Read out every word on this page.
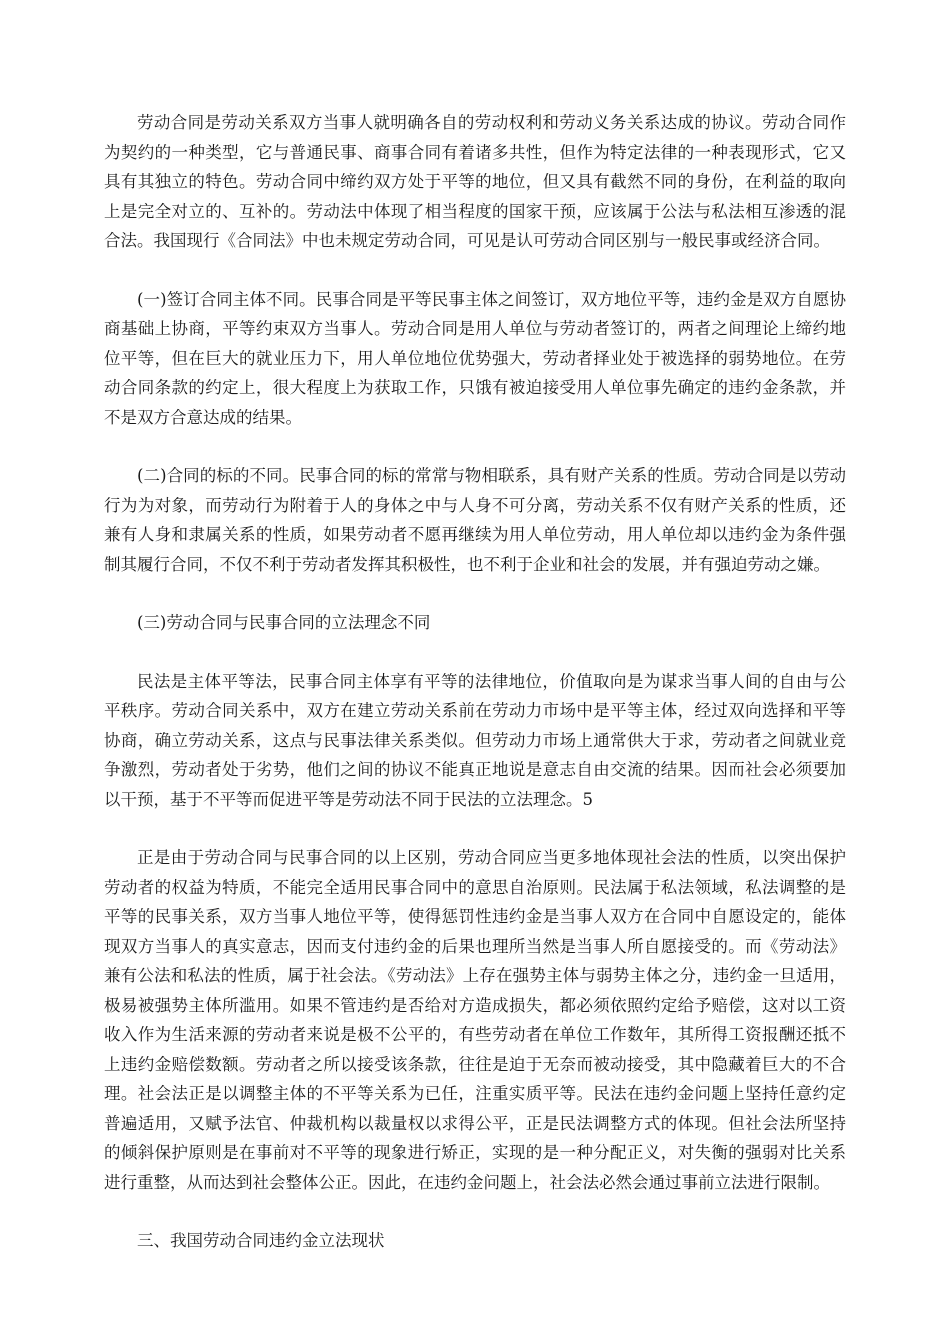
劳动合同是劳动关系双方当事人就明确各自的劳动权利和劳动义务关系达成的协议。劳动合同作为契约的一种类型，它与普通民事、商事合同有着诸多共性，但作为特定法律的一种表现形式，它又具有其独立的特色。劳动合同中缔约双方处于平等的地位，但又具有截然不同的身份，在利益的取向上是完全对立的、互补的。劳动法中体现了相当程度的国家干预，应该属于公法与私法相互渗透的混合法。我国现行《合同法》中也未规定劳动合同，可见是认可劳动合同区别与一般民事或经济合同。

(一)签订合同主体不同。民事合同是平等民事主体之间签订，双方地位平等，违约金是双方自愿协商基础上协商，平等约束双方当事人。劳动合同是用人单位与劳动者签订的，两者之间理论上缔约地位平等，但在巨大的就业压力下，用人单位地位优势强大，劳动者择业处于被选择的弱势地位。在劳动合同条款的约定上，很大程度上为获取工作，只饿有被迫接受用人单位事先确定的违约金条款，并不是双方合意达成的结果。

(二)合同的标的不同。民事合同的标的常常与物相联系，具有财产关系的性质。劳动合同是以劳动行为为对象，而劳动行为附着于人的身体之中与人身不可分离，劳动关系不仅有财产关系的性质，还兼有人身和隶属关系的性质，如果劳动者不愿再继续为用人单位劳动，用人单位却以违约金为条件强制其履行合同，不仅不利于劳动者发挥其积极性，也不利于企业和社会的发展，并有强迫劳动之嫌。

(三)劳动合同与民事合同的立法理念不同

民法是主体平等法，民事合同主体享有平等的法律地位，价值取向是为谋求当事人间的自由与公平秩序。劳动合同关系中，双方在建立劳动关系前在劳动力市场中是平等主体，经过双向选择和平等协商，确立劳动关系，这点与民事法律关系类似。但劳动力市场上通常供大于求，劳动者之间就业竞争激烈，劳动者处于劣势，他们之间的协议不能真正地说是意志自由交流的结果。因而社会必须要加以干预，基于不平等而促进平等是劳动法不同于民法的立法理念。5

正是由于劳动合同与民事合同的以上区别，劳动合同应当更多地体现社会法的性质，以突出保护劳动者的权益为特质，不能完全适用民事合同中的意思自治原则。民法属于私法领域，私法调整的是平等的民事关系，双方当事人地位平等，使得惩罚性违约金是当事人双方在合同中自愿设定的，能体现双方当事人的真实意志，因而支付违约金的后果也理所当然是当事人所自愿接受的。而《劳动法》兼有公法和私法的性质，属于社会法。《劳动法》上存在强势主体与弱势主体之分，违约金一旦适用，极易被强势主体所滥用。如果不管违约是否给对方造成损失，都必须依照约定给予赔偿，这对以工资收入作为生活来源的劳动者来说是极不公平的，有些劳动者在单位工作数年，其所得工资报酬还抵不上违约金赔偿数额。劳动者之所以接受该条款，往往是迫于无奈而被动接受，其中隐藏着巨大的不合理。社会法正是以调整主体的不平等关系为已任，注重实质平等。民法在违约金问题上坚持任意约定普遍适用，又赋予法官、仲裁机构以裁量权以求得公平，正是民法调整方式的体现。但社会法所坚持的倾斜保护原则是在事前对不平等的现象进行矫正，实现的是一种分配正义，对失衡的强弱对比关系进行重整，从而达到社会整体公正。因此，在违约金问题上，社会法必然会通过事前立法进行限制。

三、我国劳动合同违约金立法现状
